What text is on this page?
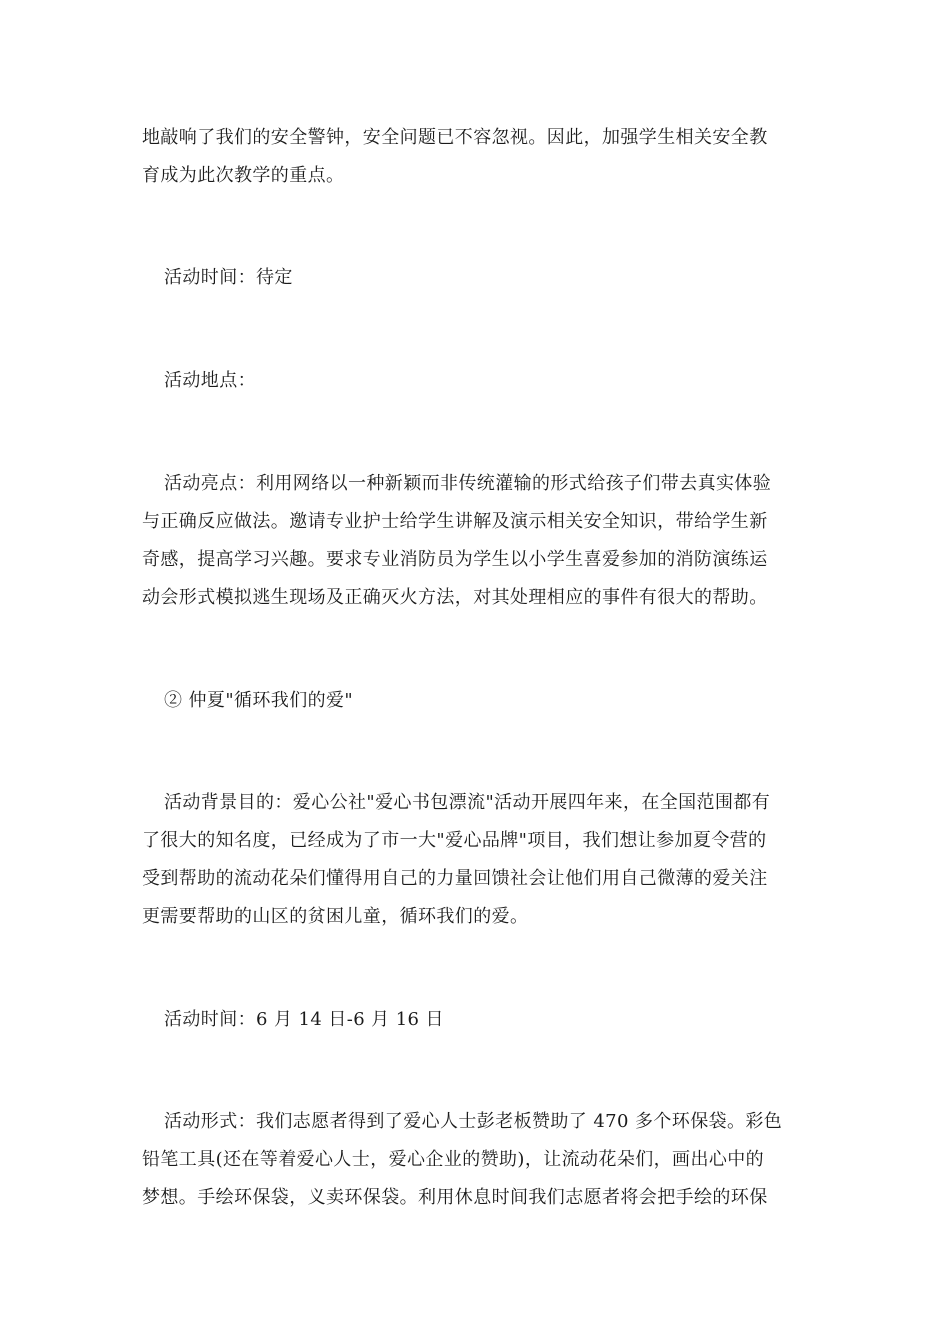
地敲响了我们的安全警钟，安全问题已不容忽视。因此，加强学生相关安全教
育成为此次教学的重点。

活动时间：待定

活动地点：

活动亮点：利用网络以一种新颖而非传统灌输的形式给孩子们带去真实体验
与正确反应做法。邀请专业护士给学生讲解及演示相关安全知识，带给学生新
奇感，提高学习兴趣。要求专业消防员为学生以小学生喜爱参加的消防演练运
动会形式模拟逃生现场及正确灭火方法，对其处理相应的事件有很大的帮助。

② 仲夏"循环我们的爱"

活动背景目的：爱心公社"爱心书包漂流"活动开展四年来，在全国范围都有
了很大的知名度，已经成为了市一大"爱心品牌"项目，我们想让参加夏令营的
受到帮助的流动花朵们懂得用自己的力量回馈社会让他们用自己微薄的爱关注
更需要帮助的山区的贫困儿童，循环我们的爱。

活动时间：6 月 14 日-6 月 16 日

活动形式：我们志愿者得到了爱心人士彭老板赞助了 470 多个环保袋。彩色
铅笔工具(还在等着爱心人士，爱心企业的赞助)，让流动花朵们，画出心中的
梦想。手绘环保袋，义卖环保袋。利用休息时间我们志愿者将会把手绘的环保
